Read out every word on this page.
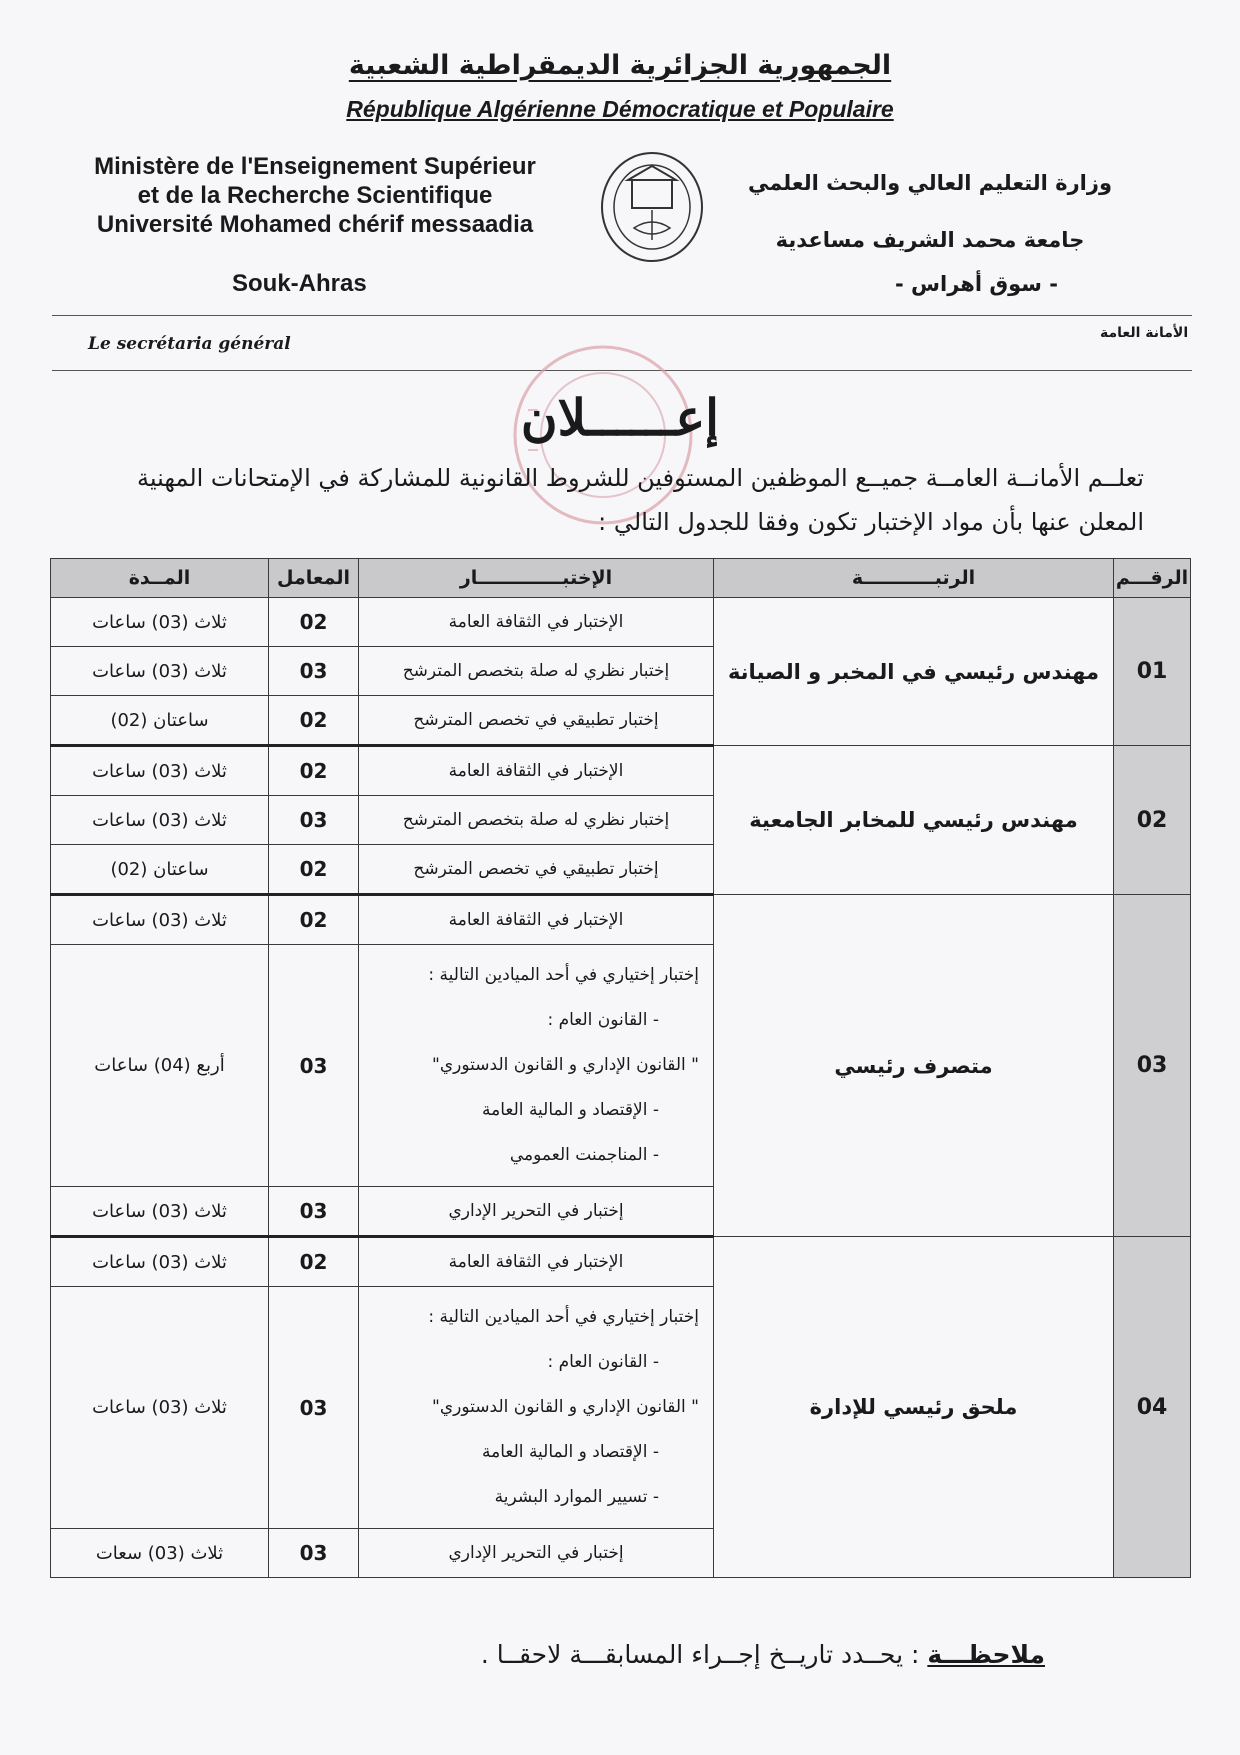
الجمهورية الجزائرية الديمقراطية الشعبية
République Algérienne Démocratique et Populaire
Ministère de l'Enseignement Supérieur
et de la Recherche Scientifique
Université Mohamed chérif messaadia
Souk-Ahras
وزارة التعليم العالي والبحث العلمي
جامعة محمد الشريف مساعدية
- سوق أهراس -
Le secrétaria général
الأمانة العامة
إعــــــلان
تعلــم الأمانــة العامــة جميــع الموظفين المستوفين للشروط القانونية للمشاركة في الإمتحانات المهنية المعلن عنها بأن مواد الإختبار تكون وفقا للجدول التالي :
الرقـــم	الرتبـــــــــــة	الإختبـــــــــــــار	المعامل	المــدة
01	مهندس رئيسي في المخبر و الصيانة	الإختبار في الثقافة العامة	02	ثلاث (03) ساعات
		إختبار نظري له صلة بتخصص المترشح	03	ثلاث (03) ساعات
		إختبار تطبيقي في تخصص المترشح	02	ساعتان (02)
02	مهندس رئيسي للمخابر الجامعية	الإختبار في الثقافة العامة	02	ثلاث (03) ساعات
		إختبار نظري له صلة بتخصص المترشح	03	ثلاث (03) ساعات
		إختبار تطبيقي في تخصص المترشح	02	ساعتان (02)
03	متصرف رئيسي	الإختبار في الثقافة العامة	02	ثلاث (03) ساعات

		إختبار إختياري في أحد الميادين التالية :
- القانون العام :
" القانون الإداري و القانون الدستوري"
- الإقتصاد و المالية العامة
- المناجمنت العمومي	03	أربع (04) ساعات
		إختبار في التحرير الإداري	03	ثلاث (03) ساعات
04	ملحق رئيسي للإدارة	الإختبار في الثقافة العامة	02	ثلاث (03) ساعات

		إختبار إختياري في أحد الميادين التالية :
- القانون العام :
" القانون الإداري و القانون الدستوري"
- الإقتصاد و المالية العامة
- تسيير الموارد البشرية	03	ثلاث (03) ساعات
		إختبار في التحرير الإداري	03	ثلاث (03) سعات
ملاحظـــة : يحــدد تاريــخ إجــراء المسابقـــة لاحقــا .
